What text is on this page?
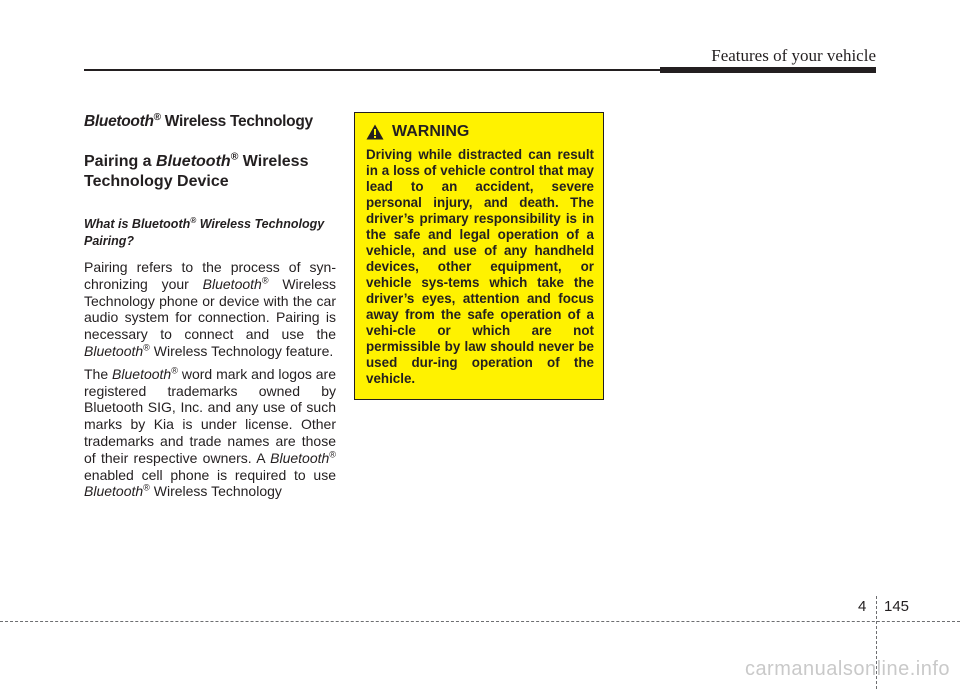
Features of your vehicle
Bluetooth® Wireless Technology
Pairing a Bluetooth® Wireless Technology Device
What is Bluetooth® Wireless Technology Pairing?

Pairing refers to the process of syn-chronizing your Bluetooth® Wireless Technology phone or device with the car audio system for connection. Pairing is necessary to connect and use the Bluetooth® Wireless Technology feature.

The Bluetooth® word mark and logos are registered trademarks owned by Bluetooth SIG, Inc. and any use of such marks by Kia is under license. Other trademarks and trade names are those of their respective owners. A Bluetooth® enabled cell phone is required to use Bluetooth® Wireless Technology

WARNING
Driving while distracted can result in a loss of vehicle control that may lead to an accident, severe personal injury, and death. The driver’s primary responsibility is in the safe and legal operation of a vehicle, and use of any handheld devices, other equipment, or vehicle sys-tems which take the driver’s eyes, attention and focus away from the safe operation of a vehi-cle or which are not permissible by law should never be used dur-ing operation of the vehicle.
4 145
carmanualsonline.info
